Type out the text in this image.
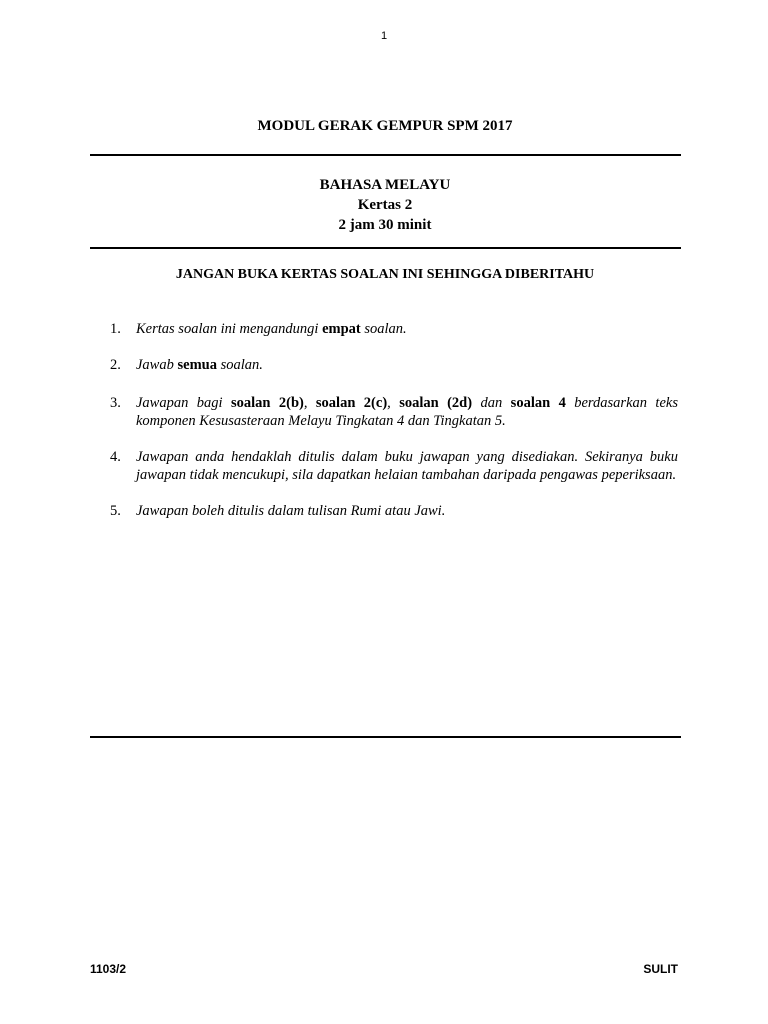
1
MODUL GERAK GEMPUR SPM 2017
BAHASA MELAYU
Kertas 2
2 jam 30 minit
JANGAN BUKA KERTAS SOALAN INI SEHINGGA DIBERITAHU
1.	Kertas soalan ini mengandungi empat soalan.
2.	Jawab semua soalan.
3.	Jawapan bagi soalan 2(b), soalan 2(c), soalan (2d) dan soalan 4 berdasarkan teks komponen Kesusasteraan Melayu Tingkatan 4 dan Tingkatan 5.
4.	Jawapan anda hendaklah ditulis dalam buku jawapan yang disediakan. Sekiranya buku jawapan tidak mencukupi, sila dapatkan helaian tambahan daripada pengawas peperiksaan.
5.	Jawapan boleh ditulis dalam tulisan Rumi atau Jawi.
1103/2	SULIT
